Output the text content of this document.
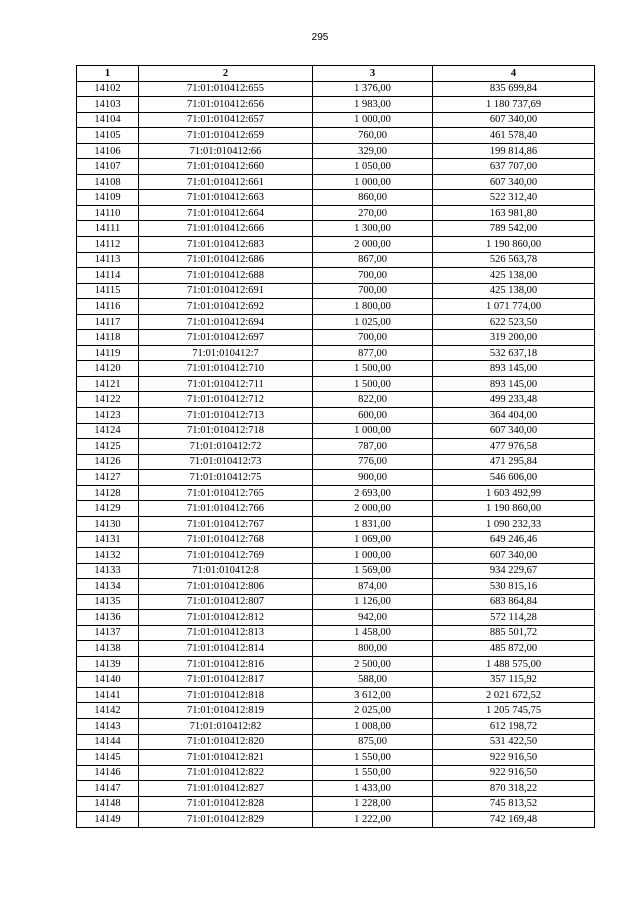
295
1	2	3	4
14102	71:01:010412:655	1 376,00	835 699,84
14103	71:01:010412:656	1 983,00	1 180 737,69
14104	71:01:010412:657	1 000,00	607 340,00
14105	71:01:010412:659	760,00	461 578,40
14106	71:01:010412:66	329,00	199 814,86
14107	71:01:010412:660	1 050,00	637 707,00
14108	71:01:010412:661	1 000,00	607 340,00
14109	71:01:010412:663	860,00	522 312,40
14110	71:01:010412:664	270,00	163 981,80
14111	71:01:010412:666	1 300,00	789 542,00
14112	71:01:010412:683	2 000,00	1 190 860,00
14113	71:01:010412:686	867,00	526 563,78
14114	71:01:010412:688	700,00	425 138,00
14115	71:01:010412:691	700,00	425 138,00
14116	71:01:010412:692	1 800,00	1 071 774,00
14117	71:01:010412:694	1 025,00	622 523,50
14118	71:01:010412:697	700,00	319 200,00
14119	71:01:010412:7	877,00	532 637,18
14120	71:01:010412:710	1 500,00	893 145,00
14121	71:01:010412:711	1 500,00	893 145,00
14122	71:01:010412:712	822,00	499 233,48
14123	71:01:010412:713	600,00	364 404,00
14124	71:01:010412:718	1 000,00	607 340,00
14125	71:01:010412:72	787,00	477 976,58
14126	71:01:010412:73	776,00	471 295,84
14127	71:01:010412:75	900,00	546 606,00
14128	71:01:010412:765	2 693,00	1 603 492,99
14129	71:01:010412:766	2 000,00	1 190 860,00
14130	71:01:010412:767	1 831,00	1 090 232,33
14131	71:01:010412:768	1 069,00	649 246,46
14132	71:01:010412:769	1 000,00	607 340,00
14133	71:01:010412:8	1 569,00	934 229,67
14134	71:01:010412:806	874,00	530 815,16
14135	71:01:010412:807	1 126,00	683 864,84
14136	71:01:010412:812	942,00	572 114,28
14137	71:01:010412:813	1 458,00	885 501,72
14138	71:01:010412:814	800,00	485 872,00
14139	71:01:010412:816	2 500,00	1 488 575,00
14140	71:01:010412:817	588,00	357 115,92
14141	71:01:010412:818	3 612,00	2 021 672,52
14142	71:01:010412:819	2 025,00	1 205 745,75
14143	71:01:010412:82	1 008,00	612 198,72
14144	71:01:010412:820	875,00	531 422,50
14145	71:01:010412:821	1 550,00	922 916,50
14146	71:01:010412:822	1 550,00	922 916,50
14147	71:01:010412:827	1 433,00	870 318,22
14148	71:01:010412:828	1 228,00	745 813,52
14149	71:01:010412:829	1 222,00	742 169,48
